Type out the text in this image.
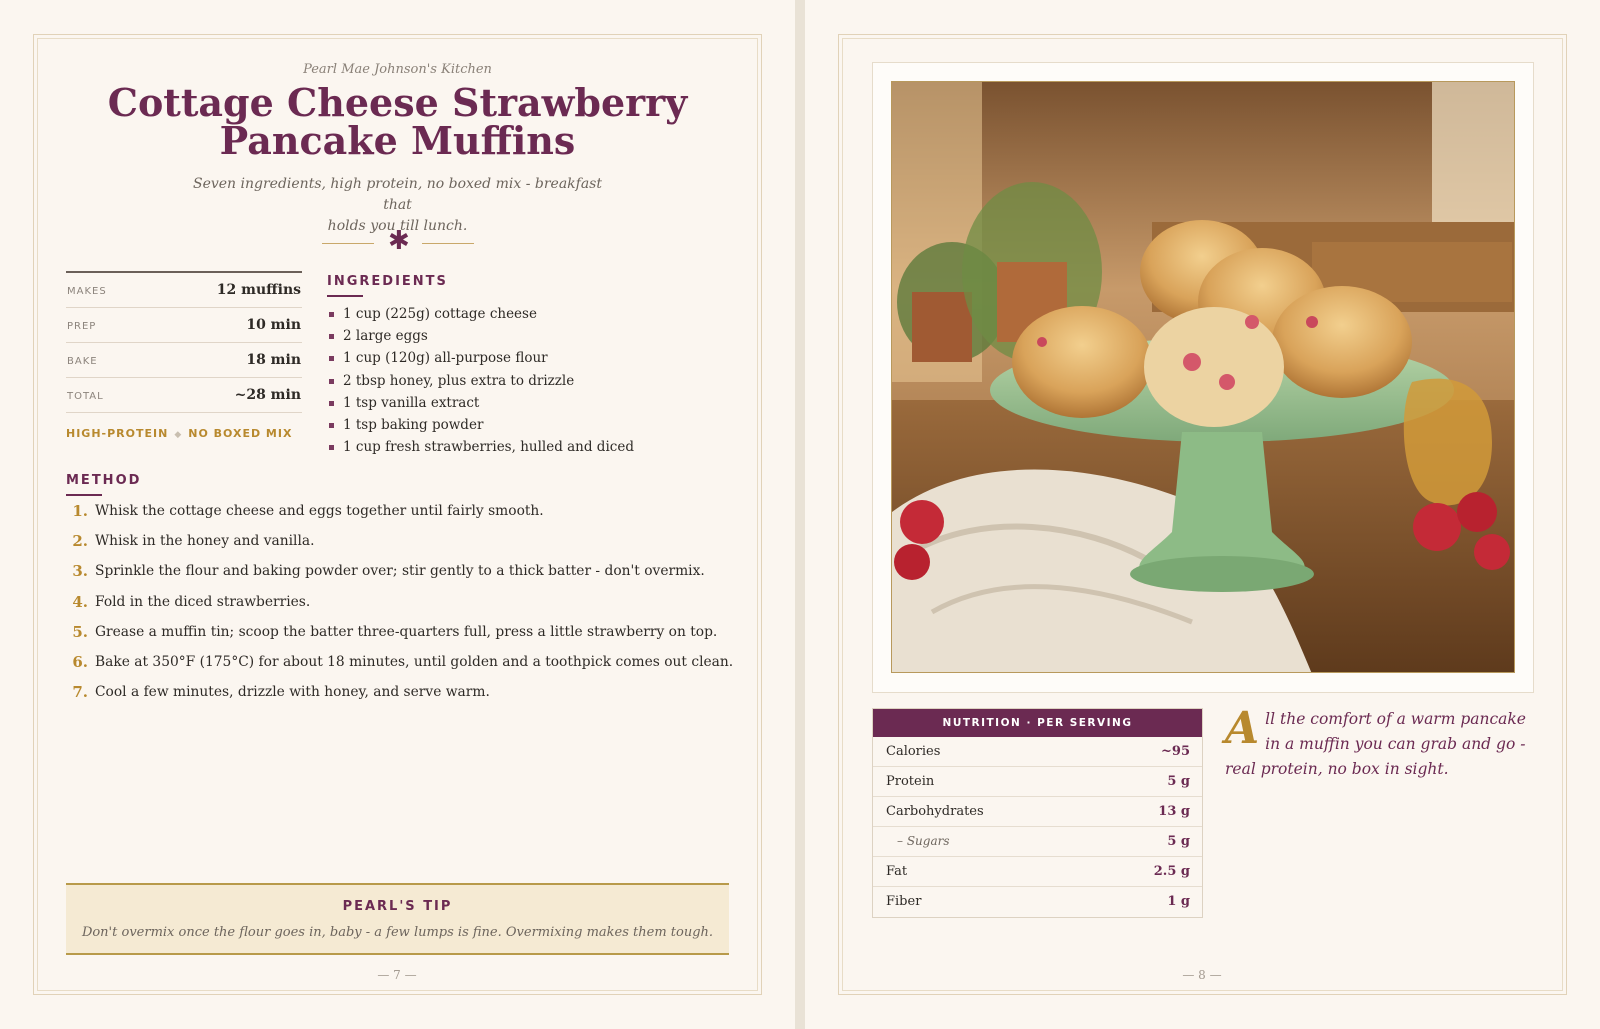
Pearl Mae Johnson's Kitchen
Cottage Cheese Strawberry
Pancake Muffins
Seven ingredients, high protein, no boxed mix - breakfast that
holds you till lunch.
✱
MAKES	12 muffins
PREP	10 min
BAKE	18 min
TOTAL	~28 min
HIGH-PROTEIN ◆ NO BOXED MIX
INGREDIENTS
1 cup (225g) cottage cheese
2 large eggs
1 cup (120g) all-purpose flour
2 tbsp honey, plus extra to drizzle
1 tsp vanilla extract
1 tsp baking powder
1 cup fresh strawberries, hulled and diced
METHOD
1. Whisk the cottage cheese and eggs together until fairly smooth.
2. Whisk in the honey and vanilla.
3. Sprinkle the flour and baking powder over; stir gently to a thick batter - don't overmix.
4. Fold in the diced strawberries.
5. Grease a muffin tin; scoop the batter three-quarters full, press a little strawberry on top.
6. Bake at 350°F (175°C) for about 18 minutes, until golden and a toothpick comes out clean.
7. Cool a few minutes, drizzle with honey, and serve warm.
PEARL'S TIP
Don't overmix once the flour goes in, baby - a few lumps is fine. Overmixing makes them tough.
— 7 —
NUTRITION · PER SERVING
Calories	~95
Protein	5 g
Carbohydrates	13 g
– Sugars	5 g
Fat	2.5 g
Fiber	1 g
All the comfort of a warm pancake in a muffin you can grab and go - real protein, no box in sight.
— 8 —
